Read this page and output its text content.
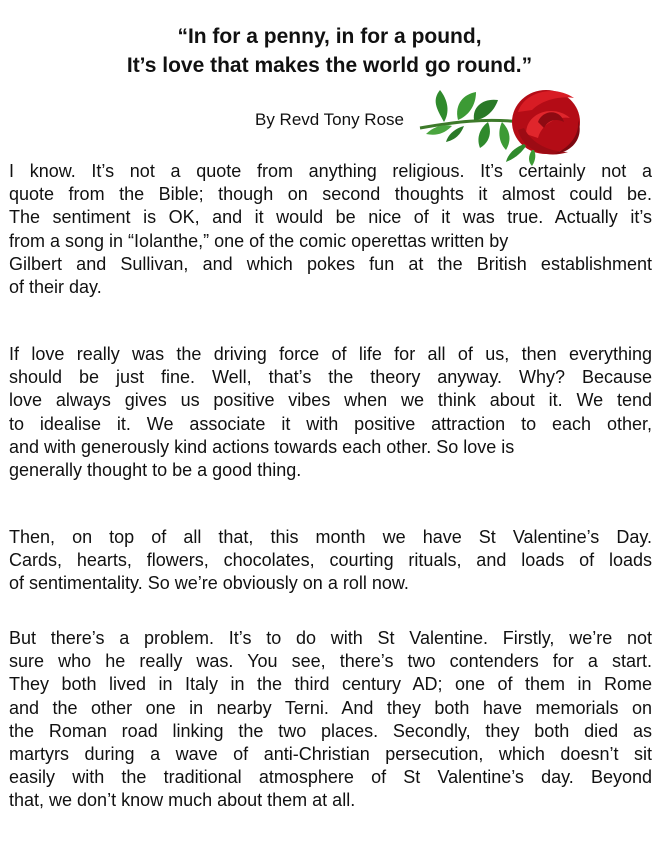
“In for a penny, in for a pound,
It’s love that makes the world go round.”
By Revd Tony Rose
I know. It’s not a quote from anything religious. It’s certainly not a
quote from the Bible; though on second thoughts it almost could be.
The sentiment is OK, and it would be nice of it was true. Actually it’s
from a song in “Iolanthe,” one of the comic operettas written by
Gilbert and Sullivan, and which pokes fun at the British establishment
of their day.
If love really was the driving force of life for all of us, then everything
should be just fine. Well, that’s the theory anyway. Why? Because
love always gives us positive vibes when we think about it. We tend
to idealise it. We associate it with positive attraction to each other,
and with generously kind actions towards each other. So love is
generally thought to be a good thing.
Then, on top of all that, this month we have St Valentine’s Day.
Cards, hearts, flowers, chocolates, courting rituals, and loads of loads
of sentimentality. So we’re obviously on a roll now.
But there’s a problem. It’s to do with St Valentine. Firstly, we’re not
sure who he really was. You see, there’s two contenders for a start.
They both lived in Italy in the third century AD; one of them in Rome
and the other one in nearby Terni. And they both have memorials on
the Roman road linking the two places. Secondly, they both died as
martyrs during a wave of anti-Christian persecution, which doesn’t sit
easily with the traditional atmosphere of St Valentine’s day. Beyond
that, we don’t know much about them at all.
